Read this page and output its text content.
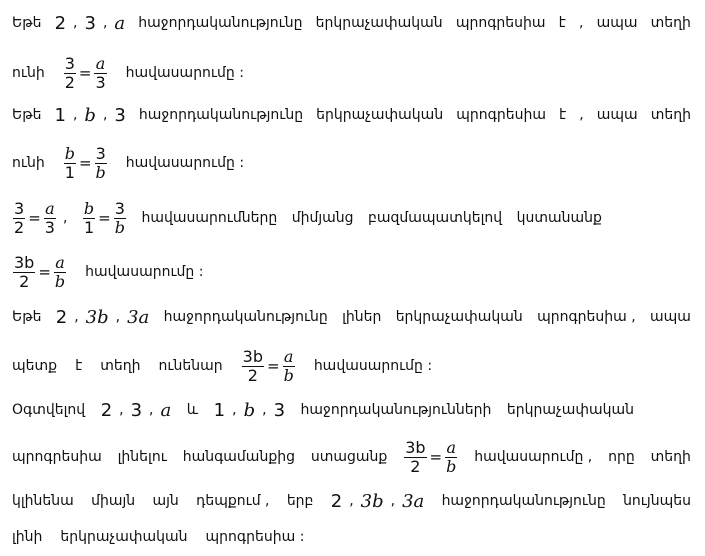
Եթե 2 , 3 , a հաջորդականությունը երկրաչափական պրոգրեսիա է , ապա տեղի
ունի $\frac{3}{2} = \frac{a}{3}$ հավասարումը :
Եթե 1 , b , 3 հաջորդականությունը երկրաչափական պրոգրեսիա է , ապա տեղի
ունի $\frac{b}{1} = \frac{3}{b}$ հավասարումը :
$\frac{3}{2} = \frac{a}{3}$ , $\frac{b}{1} = \frac{3}{b}$ հավասարումները միմյանց բազմապատկելով կստանանք
$\frac{3b}{2} = \frac{a}{b}$ հավասարումը :
Եթե 2 , 3b , 3a հաջորդականությունը լիներ երկրաչափական պրոգրեսիա , ապա
պետք է տեղի ունենար $\frac{3b}{2} = \frac{a}{b}$ հավասարումը :
Օգտվելով 2 , 3 , a և 1 , b , 3 հաջորդականությունների երկրաչափական
պրոգրեսիա լինելու հանգամանքից ստացանք $\frac{3b}{2} = \frac{a}{b}$ հավասարումը , որը տեղի
կլինենա միայն այն դեպքում , երբ 2 , 3b , 3a հաջորդականությունը նույնպես
լինի երկրաչափական պրոգրեսիա :
